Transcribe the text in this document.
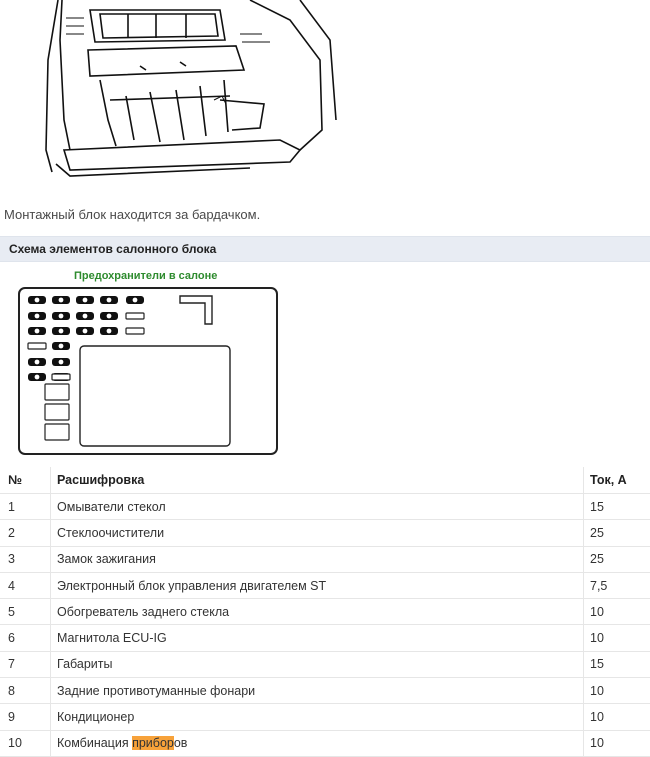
Монтажный блок находится за бардачком.
Схема элементов салонного блока
Предохранители в салоне
№	Расшифровка	Ток, А
1	Омыватели стекол	15
2	Стеклоочистители	25
3	Замок зажигания	25
4	Электронный блок управления двигателем ST	7,5
5	Обогреватель заднего стекла	10
6	Магнитола ECU-IG	10
7	Габариты	15
8	Задние противотуманные фонари	10
9	Кондиционер	10
10	Комбинация приборов	10
